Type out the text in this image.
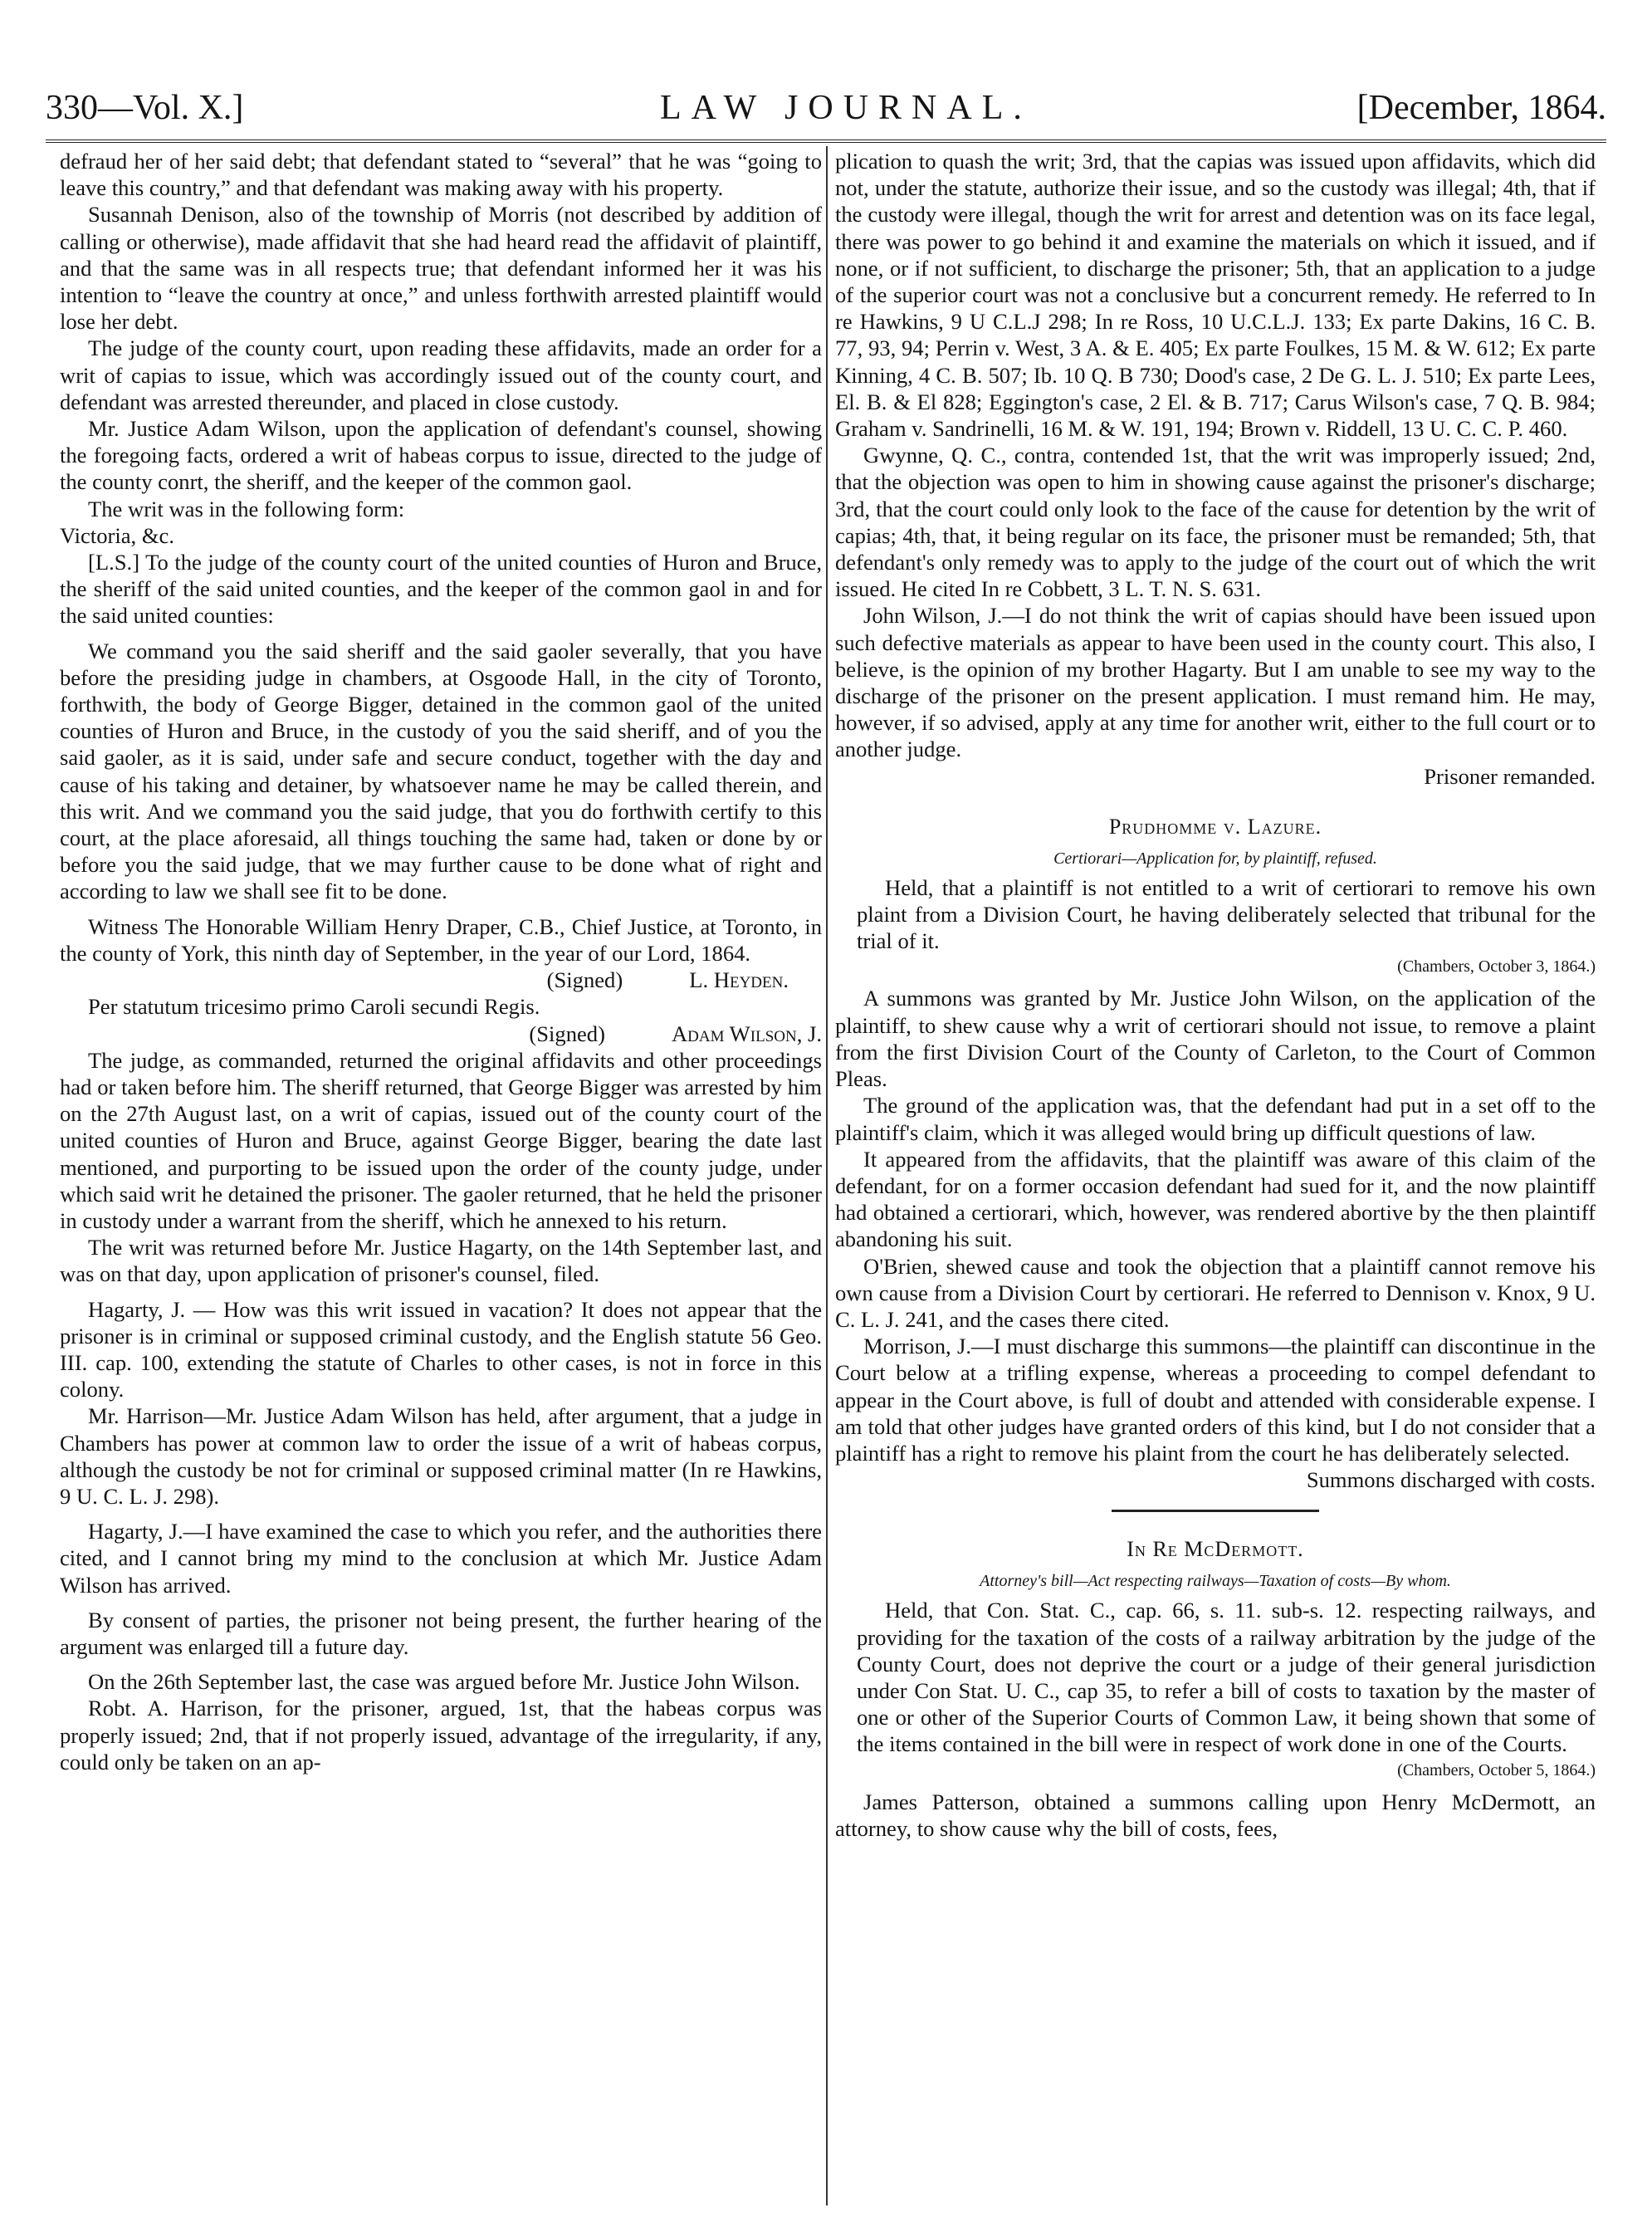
330—Vol. X.]	LAW JOURNAL.	[December, 1864.

defraud her of her said debt; that defendant stated to “several” that he was “going to leave this country,” and that defendant was making away with his property.

Susannah Denison, also of the township of Morris (not described by addition of calling or otherwise), made affidavit that she had heard read the affidavit of plaintiff, and that the same was in all respects true; that defendant informed her it was his intention to “leave the country at once,” and unless forthwith arrested plaintiff would lose her debt.

The judge of the county court, upon reading these affidavits, made an order for a writ of capias to issue, which was accordingly issued out of the county court, and defendant was arrested thereunder, and placed in close custody.

Mr. Justice Adam Wilson, upon the application of defendant's counsel, showing the foregoing facts, ordered a writ of habeas corpus to issue, directed to the judge of the county conrt, the sheriff, and the keeper of the common gaol.

The writ was in the following form:

Victoria, &c.

[L.S.] To the judge of the county court of the united counties of Huron and Bruce, the sheriff of the said united counties, and the keeper of the common gaol in and for the said united counties:

We command you the said sheriff and the said gaoler severally, that you have before the presiding judge in chambers, at Osgoode Hall, in the city of Toronto, forthwith, the body of George Bigger, detained in the common gaol of the united counties of Huron and Bruce, in the custody of you the said sheriff, and of you the said gaoler, as it is said, under safe and secure conduct, together with the day and cause of his taking and detainer, by whatsoever name he may be called therein, and this writ. And we command you the said judge, that you do forthwith certify to this court, at the place aforesaid, all things touching the same had, taken or done by or before you the said judge, that we may further cause to be done what of right and according to law we shall see fit to be done.

Witness The Honorable William Henry Draper, C.B., Chief Justice, at Toronto, in the county of York, this ninth day of September, in the year of our Lord, 1864.

(Signed)	L. Heyden.

Per statutum tricesimo primo Caroli secundi Regis.

(Signed)	Adam Wilson, J.

The judge, as commanded, returned the original affidavits and other proceedings had or taken before him. The sheriff returned, that George Bigger was arrested by him on the 27th August last, on a writ of capias, issued out of the county court of the united counties of Huron and Bruce, against George Bigger, bearing the date last mentioned, and purporting to be issued upon the order of the county judge, under which said writ he detained the prisoner. The gaoler returned, that he held the prisoner in custody under a warrant from the sheriff, which he annexed to his return.

The writ was returned before Mr. Justice Hagarty, on the 14th September last, and was on that day, upon application of prisoner's counsel, filed.

Hagarty, J. — How was this writ issued in vacation? It does not appear that the prisoner is in criminal or supposed criminal custody, and the English statute 56 Geo. III. cap. 100, extending the statute of Charles to other cases, is not in force in this colony.

Mr. Harrison—Mr. Justice Adam Wilson has held, after argument, that a judge in Chambers has power at common law to order the issue of a writ of habeas corpus, although the custody be not for criminal or supposed criminal matter (In re Hawkins, 9 U. C. L. J. 298).

Hagarty, J.—I have examined the case to which you refer, and the authorities there cited, and I cannot bring my mind to the conclusion at which Mr. Justice Adam Wilson has arrived.

By consent of parties, the prisoner not being present, the further hearing of the argument was enlarged till a future day.

On the 26th September last, the case was argued before Mr. Justice John Wilson.

Robt. A. Harrison, for the prisoner, argued, 1st, that the habeas corpus was properly issued; 2nd, that if not properly issued, advantage of the irregularity, if any, could only be taken on an ap-

plication to quash the writ; 3rd, that the capias was issued upon affidavits, which did not, under the statute, authorize their issue, and so the custody was illegal; 4th, that if the custody were illegal, though the writ for arrest and detention was on its face legal, there was power to go behind it and examine the materials on which it issued, and if none, or if not sufficient, to discharge the prisoner; 5th, that an application to a judge of the superior court was not a conclusive but a concurrent remedy. He referred to In re Hawkins, 9 U C.L.J 298; In re Ross, 10 U.C.L.J. 133; Ex parte Dakins, 16 C. B. 77, 93, 94; Perrin v. West, 3 A. & E. 405; Ex parte Foulkes, 15 M. & W. 612; Ex parte Kinning, 4 C. B. 507; Ib. 10 Q. B 730; Dood's case, 2 De G. L. J. 510; Ex parte Lees, El. B. & El 828; Eggington's case, 2 El. & B. 717; Carus Wilson's case, 7 Q. B. 984; Graham v. Sandrinelli, 16 M. & W. 191, 194; Brown v. Riddell, 13 U. C. C. P. 460.

Gwynne, Q. C., contra, contended 1st, that the writ was improperly issued; 2nd, that the objection was open to him in showing cause against the prisoner's discharge; 3rd, that the court could only look to the face of the cause for detention by the writ of capias; 4th, that, it being regular on its face, the prisoner must be remanded; 5th, that defendant's only remedy was to apply to the judge of the court out of which the writ issued. He cited In re Cobbett, 3 L. T. N. S. 631.

John Wilson, J.—I do not think the writ of capias should have been issued upon such defective materials as appear to have been used in the county court. This also, I believe, is the opinion of my brother Hagarty. But I am unable to see my way to the discharge of the prisoner on the present application. I must remand him. He may, however, if so advised, apply at any time for another writ, either to the full court or to another judge.

Prisoner remanded.

Prudhomme v. Lazure.
Certiorari—Application for, by plaintiff, refused.

Held, that a plaintiff is not entitled to a writ of certiorari to remove his own plaint from a Division Court, he having deliberately selected that tribunal for the trial of it.

(Chambers, October 3, 1864.)

A summons was granted by Mr. Justice John Wilson, on the application of the plaintiff, to shew cause why a writ of certiorari should not issue, to remove a plaint from the first Division Court of the County of Carleton, to the Court of Common Pleas.

The ground of the application was, that the defendant had put in a set off to the plaintiff's claim, which it was alleged would bring up difficult questions of law.

It appeared from the affidavits, that the plaintiff was aware of this claim of the defendant, for on a former occasion defendant had sued for it, and the now plaintiff had obtained a certiorari, which, however, was rendered abortive by the then plaintiff abandoning his suit.

O'Brien, shewed cause and took the objection that a plaintiff cannot remove his own cause from a Division Court by certiorari. He referred to Dennison v. Knox, 9 U. C. L. J. 241, and the cases there cited.

Morrison, J.—I must discharge this summons—the plaintiff can discontinue in the Court below at a trifling expense, whereas a proceeding to compel defendant to appear in the Court above, is full of doubt and attended with considerable expense. I am told that other judges have granted orders of this kind, but I do not consider that a plaintiff has a right to remove his plaint from the court he has deliberately selected.

Summons discharged with costs.

In Re McDermott.
Attorney's bill—Act respecting railways—Taxation of costs—By whom.

Held, that Con. Stat. C., cap. 66, s. 11. sub-s. 12. respecting railways, and providing for the taxation of the costs of a railway arbitration by the judge of the County Court, does not deprive the court or a judge of their general jurisdiction under Con Stat. U. C., cap 35, to refer a bill of costs to taxation by the master of one or other of the Superior Courts of Common Law, it being shown that some of the items contained in the bill were in respect of work done in one of the Courts.

(Chambers, October 5, 1864.)

James Patterson, obtained a summons calling upon Henry McDermott, an attorney, to show cause why the bill of costs, fees,
